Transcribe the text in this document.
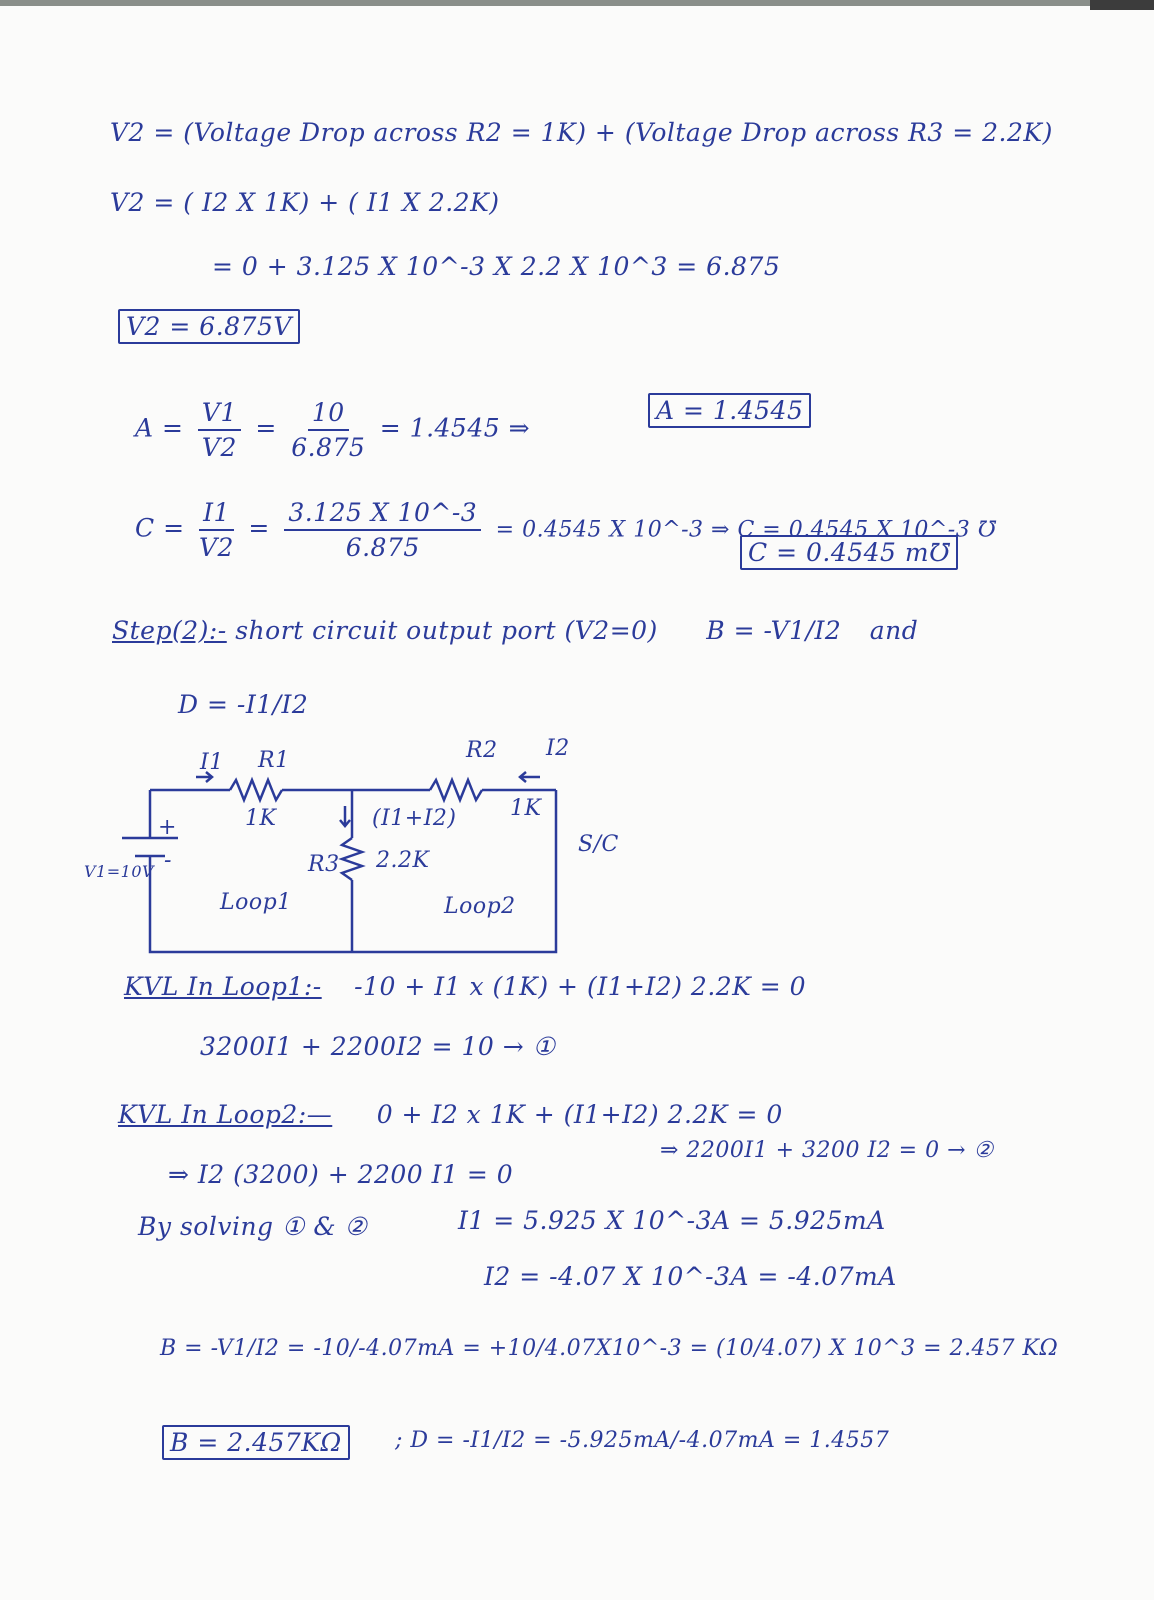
V2 = (Voltage Drop across R2 = 1K) + (Voltage Drop across R3 = 2.2K)
V2 = ( I2 X 1K) + ( I1 X 2.2K)
= 0 + 3.125 X 10^-3 X 2.2 X 10^3 = 6.875
V2 = 6.875V
$A = \frac{V1}{V2} = \frac{10}{6.875} = 1.4545$ ⇒
A = 1.4545
$C = \frac{I1}{V2} = \frac{3.125 X 10\^{}-3}{6.875} = 0.4545$ X 10^-3 ⇒ C = 0.4545 X 10^-3 ℧
C = 0.4545 m℧
Step(2):- short circuit output port (V2=0) B = -V1/I2 and
D = -I1/I2
I1 R1
1K
R2 I2
1K
(I1+I2)
R3 2.2K
V1=10V
+
-
S/C
Loop1	Loop2
KVL In Loop1:- -10 + I1 x (1K) + (I1+I2) 2.2K = 0
3200I1 + 2200I2 = 10 → ①
KVL In Loop2:— 0 + I2 x 1K + (I1+I2) 2.2K = 0
⇒ I2 (3200) + 2200 I1 = 0
⇒ 2200I1 + 3200 I2 = 0 → ②
By solving ① & ②	I1 = 5.925 X 10^-3A = 5.925mA
I2 = -4.07 X 10^-3A = -4.07mA
B = -V1/I2 = -10/-4.07mA = +10/4.07X10^-3 = (10/4.07) X 10^3 = 2.457 KΩ
B = 2.457KΩ	; D = -I1/I2 = -5.925mA/-4.07mA = 1.4557
